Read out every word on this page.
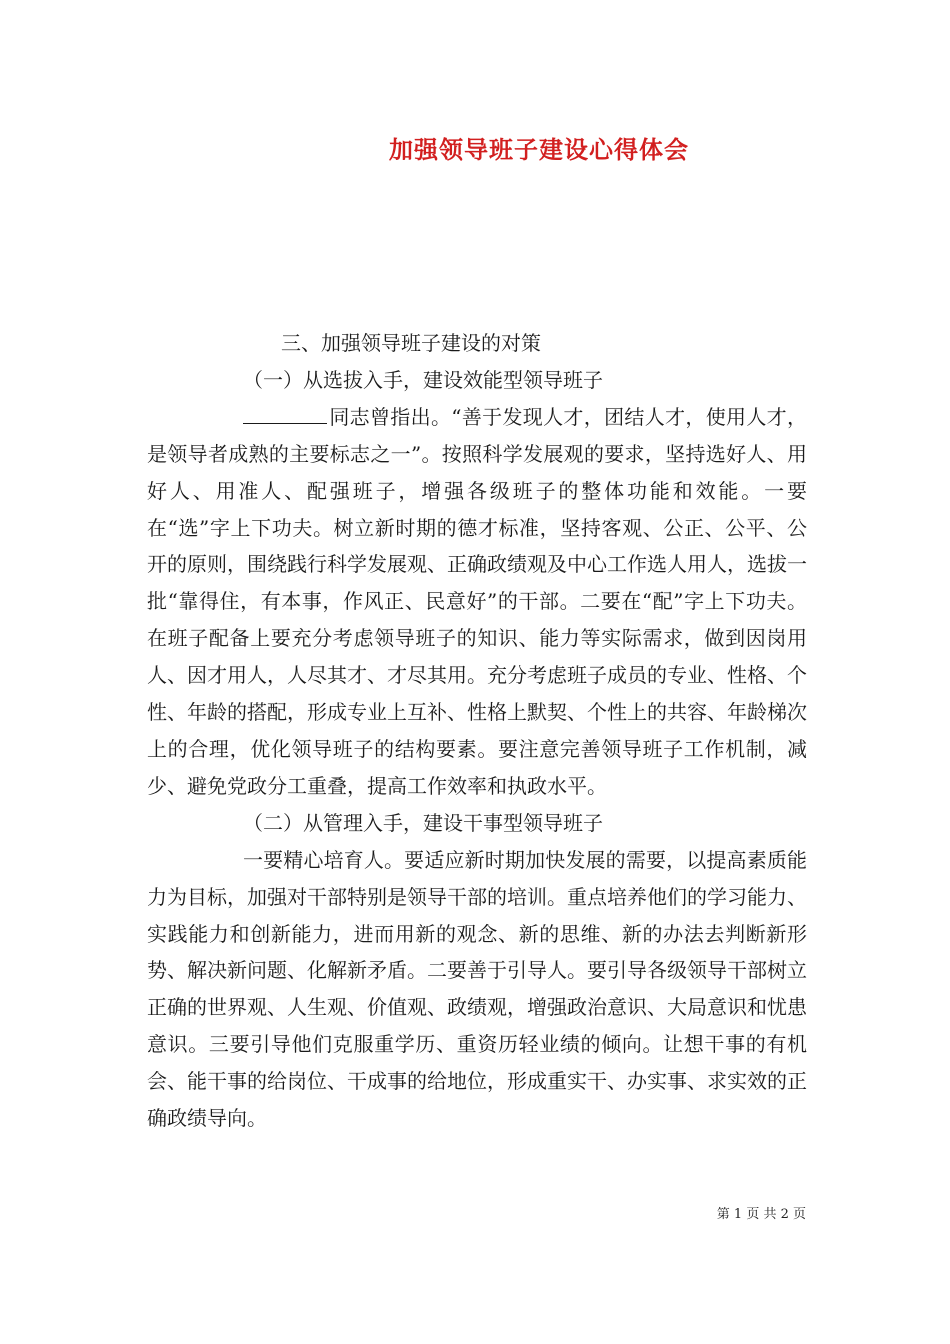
加强领导班子建设心得体会

三、加强领导班子建设的对策

（一）从选拔入手，建设效能型领导班子

同志曾指出。“善于发现人才，团结人才，使用人才，是领导者成熟的主要标志之一”。按照科学发展观的要求，坚持选好人、用好人、用准人、配强班子，增强各级班子的整体功能和效能。一要在“选”字上下功夫。树立新时期的德才标准，坚持客观、公正、公平、公开的原则，围绕践行科学发展观、正确政绩观及中心工作选人用人，选拔一批“靠得住，有本事，作风正、民意好”的干部。二要在“配”字上下功夫。在班子配备上要充分考虑领导班子的知识、能力等实际需求，做到因岗用人、因才用人，人尽其才、才尽其用。充分考虑班子成员的专业、性格、个性、年龄的搭配，形成专业上互补、性格上默契、个性上的共容、年龄梯次上的合理，优化领导班子的结构要素。要注意完善领导班子工作机制，减少、避免党政分工重叠，提高工作效率和执政水平。

（二）从管理入手，建设干事型领导班子

一要精心培育人。要适应新时期加快发展的需要，以提高素质能力为目标，加强对干部特别是领导干部的培训。重点培养他们的学习能力、实践能力和创新能力，进而用新的观念、新的思维、新的办法去判断新形势、解决新问题、化解新矛盾。二要善于引导人。要引导各级领导干部树立正确的世界观、人生观、价值观、政绩观，增强政治意识、大局意识和忧患意识。三要引导他们克服重学历、重资历轻业绩的倾向。让想干事的有机会、能干事的给岗位、干成事的给地位，形成重实干、办实事、求实效的正确政绩导向。

第 1 页 共 2 页
